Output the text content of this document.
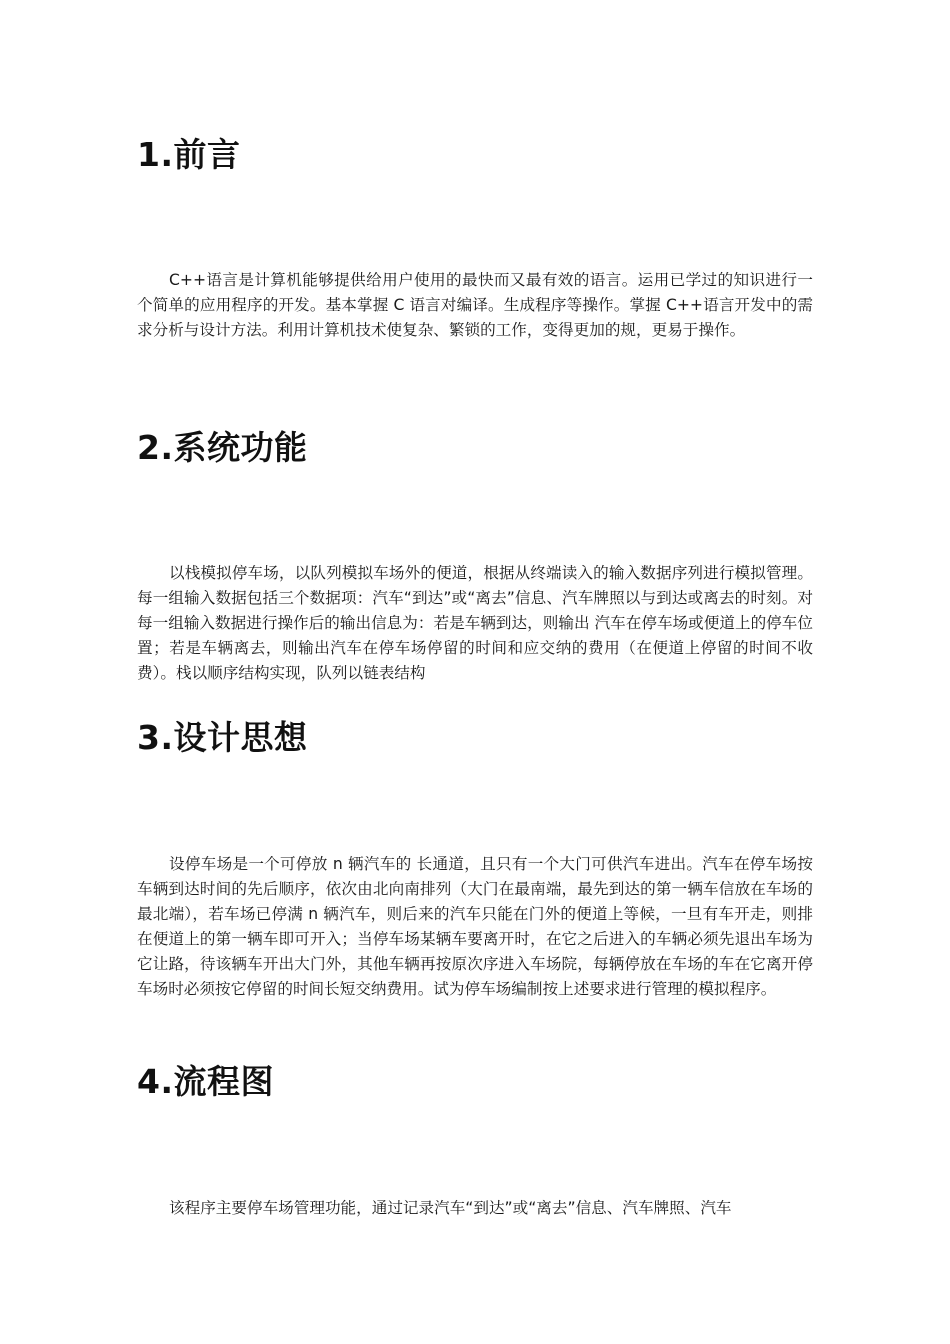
1.前言

C++语言是计算机能够提供给用户使用的最快而又最有效的语言。运用已学过的知识进行一个简单的应用程序的开发。基本掌握 C 语言对编译。生成程序等操作。掌握 C++语言开发中的需求分析与设计方法。利用计算机技术使复杂、繁锁的工作，变得更加的规，更易于操作。

2.系统功能

以栈模拟停车场，以队列模拟车场外的便道，根据从终端读入的输入数据序列进行模拟管理。每一组输入数据包括三个数据项：汽车“到达”或“离去”信息、汽车牌照以与到达或离去的时刻。对每一组输入数据进行操作后的输出信息为：若是车辆到达，则输出 汽车在停车场或便道上的停车位置；若是车辆离去，则输出汽车在停车场停留的时间和应交纳的费用（在便道上停留的时间不收费）。栈以顺序结构实现，队列以链表结构

3.设计思想

设停车场是一个可停放 n 辆汽车的 长通道，且只有一个大门可供汽车进出。汽车在停车场按车辆到达时间的先后顺序，依次由北向南排列（大门在最南端，最先到达的第一辆车信放在车场的最北端），若车场已停满 n 辆汽车，则后来的汽车只能在门外的便道上等候，一旦有车开走，则排在便道上的第一辆车即可开入；当停车场某辆车要离开时，在它之后进入的车辆必须先退出车场为它让路，待该辆车开出大门外，其他车辆再按原次序进入车场院，每辆停放在车场的车在它离开停车场时必须按它停留的时间长短交纳费用。试为停车场编制按上述要求进行管理的模拟程序。

4.流程图

该程序主要停车场管理功能，通过记录汽车“到达”或“离去”信息、汽车牌照、汽车
